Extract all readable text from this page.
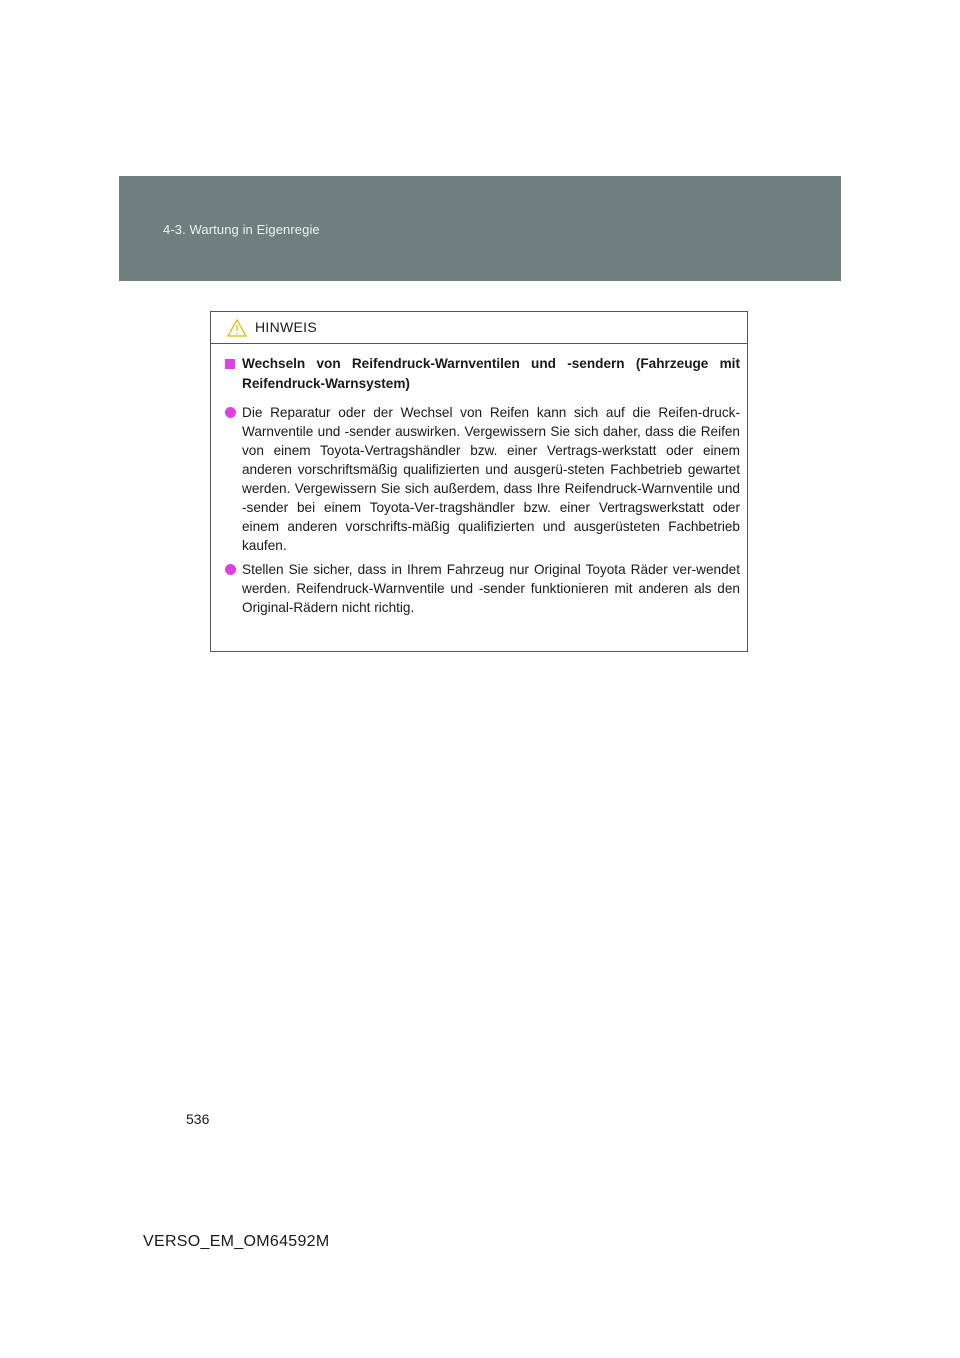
4-3. Wartung in Eigenregie
HINWEIS
Wechseln von Reifendruck-Warnventilen und -sendern (Fahrzeuge mit Reifendruck-Warnsystem)
Die Reparatur oder der Wechsel von Reifen kann sich auf die Reifen-druck-Warnventile und -sender auswirken. Vergewissern Sie sich daher, dass die Reifen von einem Toyota-Vertragshändler bzw. einer Vertrags-werkstatt oder einem anderen vorschriftsmäßig qualifizierten und ausgerü-steten Fachbetrieb gewartet werden. Vergewissern Sie sich außerdem, dass Ihre Reifendruck-Warnventile und -sender bei einem Toyota-Ver-tragshändler bzw. einer Vertragswerkstatt oder einem anderen vorschrifts-mäßig qualifizierten und ausgerüsteten Fachbetrieb kaufen.
Stellen Sie sicher, dass in Ihrem Fahrzeug nur Original Toyota Räder ver-wendet werden. Reifendruck-Warnventile und -sender funktionieren mit anderen als den Original-Rädern nicht richtig.
536
VERSO_EM_OM64592M
